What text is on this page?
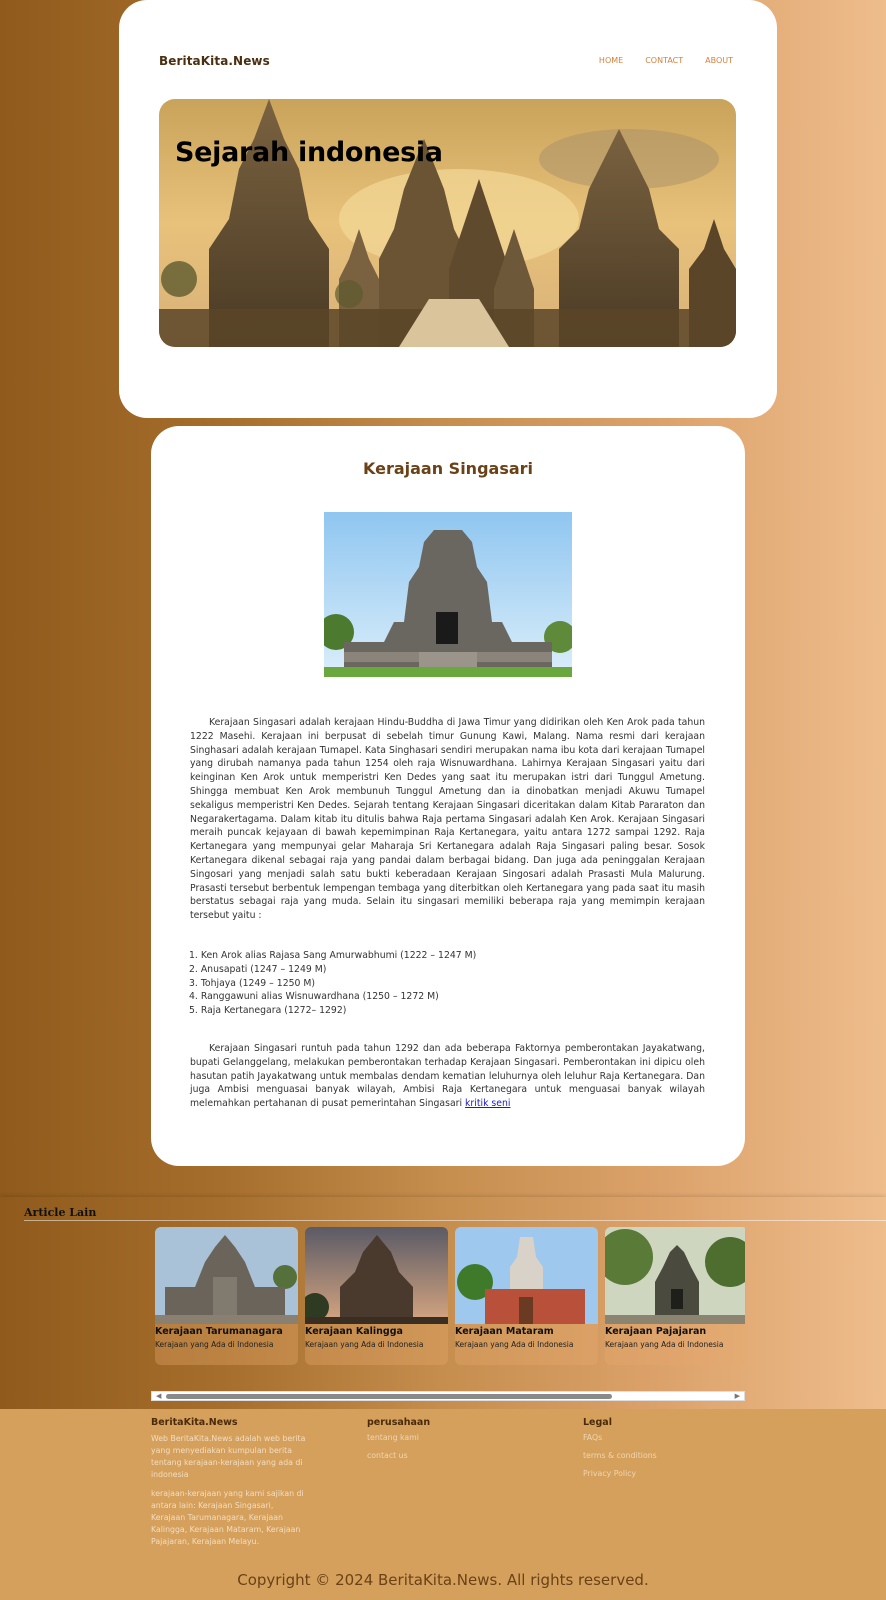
BeritaKita.News	HOME	CONTACT	ABOUT
Sejarah indonesia
Kerajaan Singasari

Kerajaan Singasari adalah kerajaan Hindu-Buddha di Jawa Timur yang didirikan oleh Ken Arok pada tahun 1222 Masehi. Kerajaan ini berpusat di sebelah timur Gunung Kawi, Malang. Nama resmi dari kerajaan Singhasari adalah kerajaan Tumapel. Kata Singhasari sendiri merupakan nama ibu kota dari kerajaan Tumapel yang dirubah namanya pada tahun 1254 oleh raja Wisnuwardhana. Lahirnya Kerajaan Singasari yaitu dari keinginan Ken Arok untuk memperistri Ken Dedes yang saat itu merupakan istri dari Tunggul Ametung. Shingga membuat Ken Arok membunuh Tunggul Ametung dan ia dinobatkan menjadi Akuwu Tumapel sekaligus memperistri Ken Dedes. Sejarah tentang Kerajaan Singasari diceritakan dalam Kitab Pararaton dan Negarakertagama. Dalam kitab itu ditulis bahwa Raja pertama Singasari adalah Ken Arok. Kerajaan Singasari meraih puncak kejayaan di bawah kepemimpinan Raja Kertanegara, yaitu antara 1272 sampai 1292. Raja Kertanegara yang mempunyai gelar Maharaja Sri Kertanegara adalah Raja Singasari paling besar. Sosok Kertanegara dikenal sebagai raja yang pandai dalam berbagai bidang. Dan juga ada peninggalan Kerajaan Singosari yang menjadi salah satu bukti keberadaan Kerajaan Singosari adalah Prasasti Mula Malurung. Prasasti tersebut berbentuk lempengan tembaga yang diterbitkan oleh Kertanegara yang pada saat itu masih berstatus sebagai raja yang muda. Selain itu singasari memiliki beberapa raja yang memimpin kerajaan tersebut yaitu :

1. Ken Arok alias Rajasa Sang Amurwabhumi (1222 – 1247 M)
2. Anusapati (1247 – 1249 M)
3. Tohjaya (1249 – 1250 M)
4. Ranggawuni alias Wisnuwardhana (1250 – 1272 M)
5. Raja Kertanegara (1272– 1292)

Kerajaan Singasari runtuh pada tahun 1292 dan ada beberapa Faktornya pemberontakan Jayakatwang, bupati Gelanggelang, melakukan pemberontakan terhadap Kerajaan Singasari. Pemberontakan ini dipicu oleh hasutan patih Jayakatwang untuk membalas dendam kematian leluhurnya oleh leluhur Raja Kertanegara. Dan juga Ambisi menguasai banyak wilayah, Ambisi Raja Kertanegara untuk menguasai banyak wilayah melemahkan pertahanan di pusat pemerintahan Singasari kritik seni

Article Lain
Kerajaan Tarumanagara
Kerajaan yang Ada di Indonesia
Kerajaan Kalingga
Kerajaan yang Ada di Indonesia
Kerajaan Mataram
Kerajaan yang Ada di Indonesia
Kerajaan Pajajaran
Kerajaan yang Ada di Indonesia
◀	▶
BeritaKita.News

Web BeritaKita.News adalah web berita yang menyediakan kumpulan berita tentang kerajaan-kerajaan yang ada di indonesia

kerajaan-kerajaan yang kami sajikan di antara lain: Kerajaan Singasari, Kerajaan Tarumanagara, Kerajaan Kalingga, Kerajaan Mataram, Kerajaan Pajajaran, Kerajaan Melayu.

perusahaan
tentang kami
contact us
Legal
FAQs
terms & conditions
Privacy Policy
Copyright © 2024 BeritaKita.News. All rights reserved.
